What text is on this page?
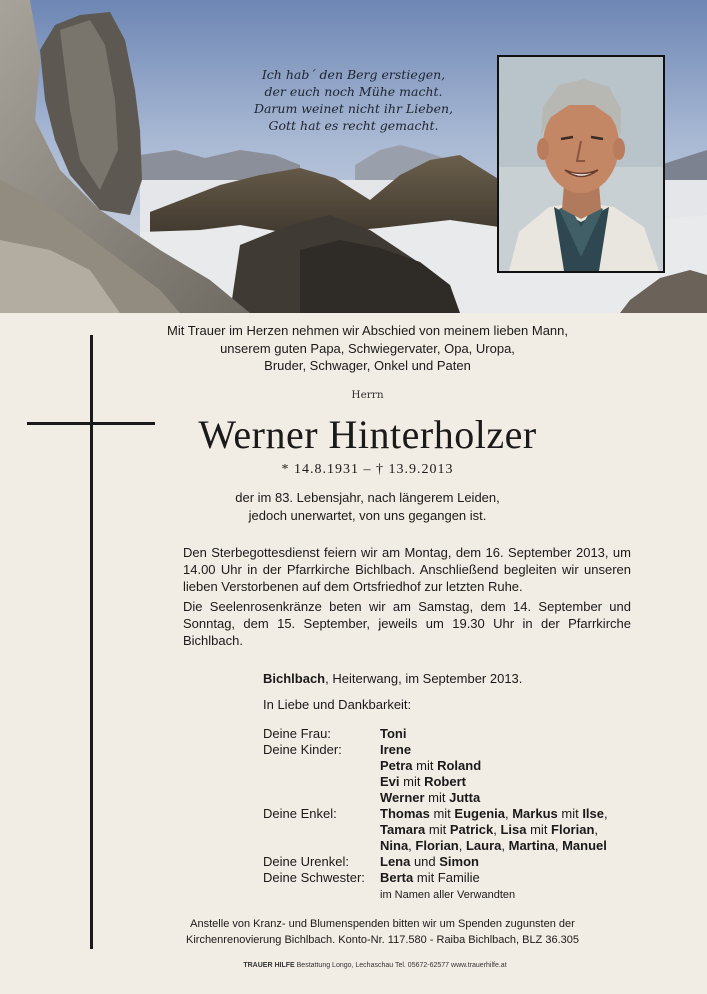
Ich hab´ den Berg erstiegen,
der euch noch Mühe macht.
Darum weinet nicht ihr Lieben,
Gott hat es recht gemacht.
Mit Trauer im Herzen nehmen wir Abschied von meinem lieben Mann,
unserem guten Papa, Schwiegervater, Opa, Uropa,
Bruder, Schwager, Onkel und Paten
Herrn
Werner Hinterholzer
* 14.8.1931 – † 13.9.2013
der im 83. Lebensjahr, nach längerem Leiden,
jedoch unerwartet, von uns gegangen ist.
Den Sterbegottesdienst feiern wir am Montag, dem 16. September 2013, um 14.00 Uhr in der Pfarrkirche Bichlbach. Anschließend begleiten wir unseren lieben Verstorbenen auf dem Ortsfriedhof zur letzten Ruhe.
Die Seelenrosenkränze beten wir am Samstag, dem 14. September und Sonntag, dem 15. September, jeweils um 19.30 Uhr in der Pfarrkirche Bichlbach.
Bichlbach, Heiterwang, im September 2013.
In Liebe und Dankbarkeit:
Deine Frau:	Toni
Deine Kinder:	Irene
Petra mit Roland
Evi mit Robert
Werner mit Jutta
Deine Enkel:	Thomas mit Eugenia, Markus mit Ilse,
Tamara mit Patrick, Lisa mit Florian,
Nina, Florian, Laura, Martina, Manuel
Deine Urenkel: Lena und Simon
Deine Schwester: Berta mit Familie
im Namen aller Verwandten
Anstelle von Kranz- und Blumenspenden bitten wir um Spenden zugunsten der
Kirchenrenovierung Bichlbach. Konto-Nr. 117.580 - Raiba Bichlbach, BLZ 36.305
TRAUER HILFE Bestattung Longo, Lechaschau Tel. 05672-62577 www.trauerhilfe.at
